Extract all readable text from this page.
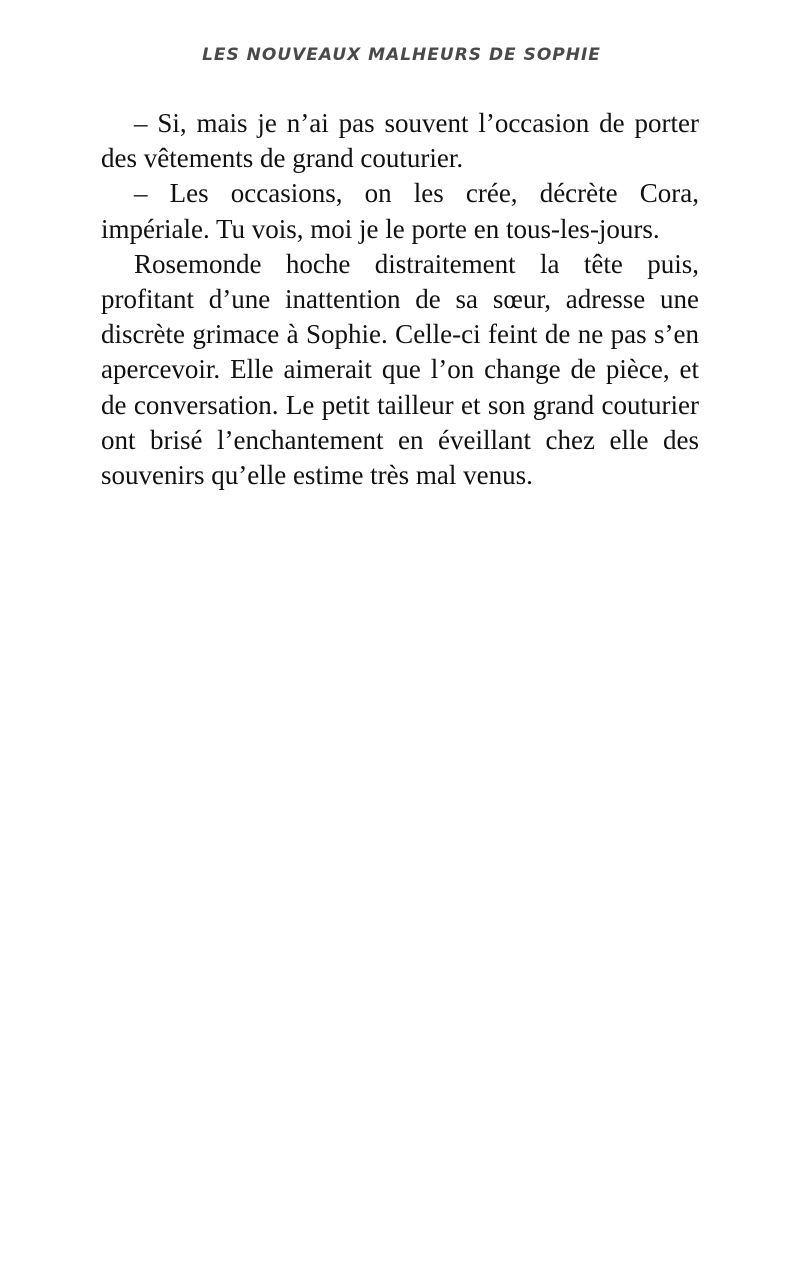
LES NOUVEAUX MALHEURS DE SOPHIE

– Si, mais je n’ai pas souvent l’occasion de porter des vêtements de grand couturier.

– Les occasions, on les crée, décrète Cora, impériale. Tu vois, moi je le porte en tous-les-jours.

Rosemonde hoche distraitement la tête puis, profitant d’une inattention de sa sœur, adresse une discrète grimace à Sophie. Celle-ci feint de ne pas s’en apercevoir. Elle aimerait que l’on change de pièce, et de conversation. Le petit tailleur et son grand couturier ont brisé l’enchantement en éveillant chez elle des souvenirs qu’elle estime très mal venus.
